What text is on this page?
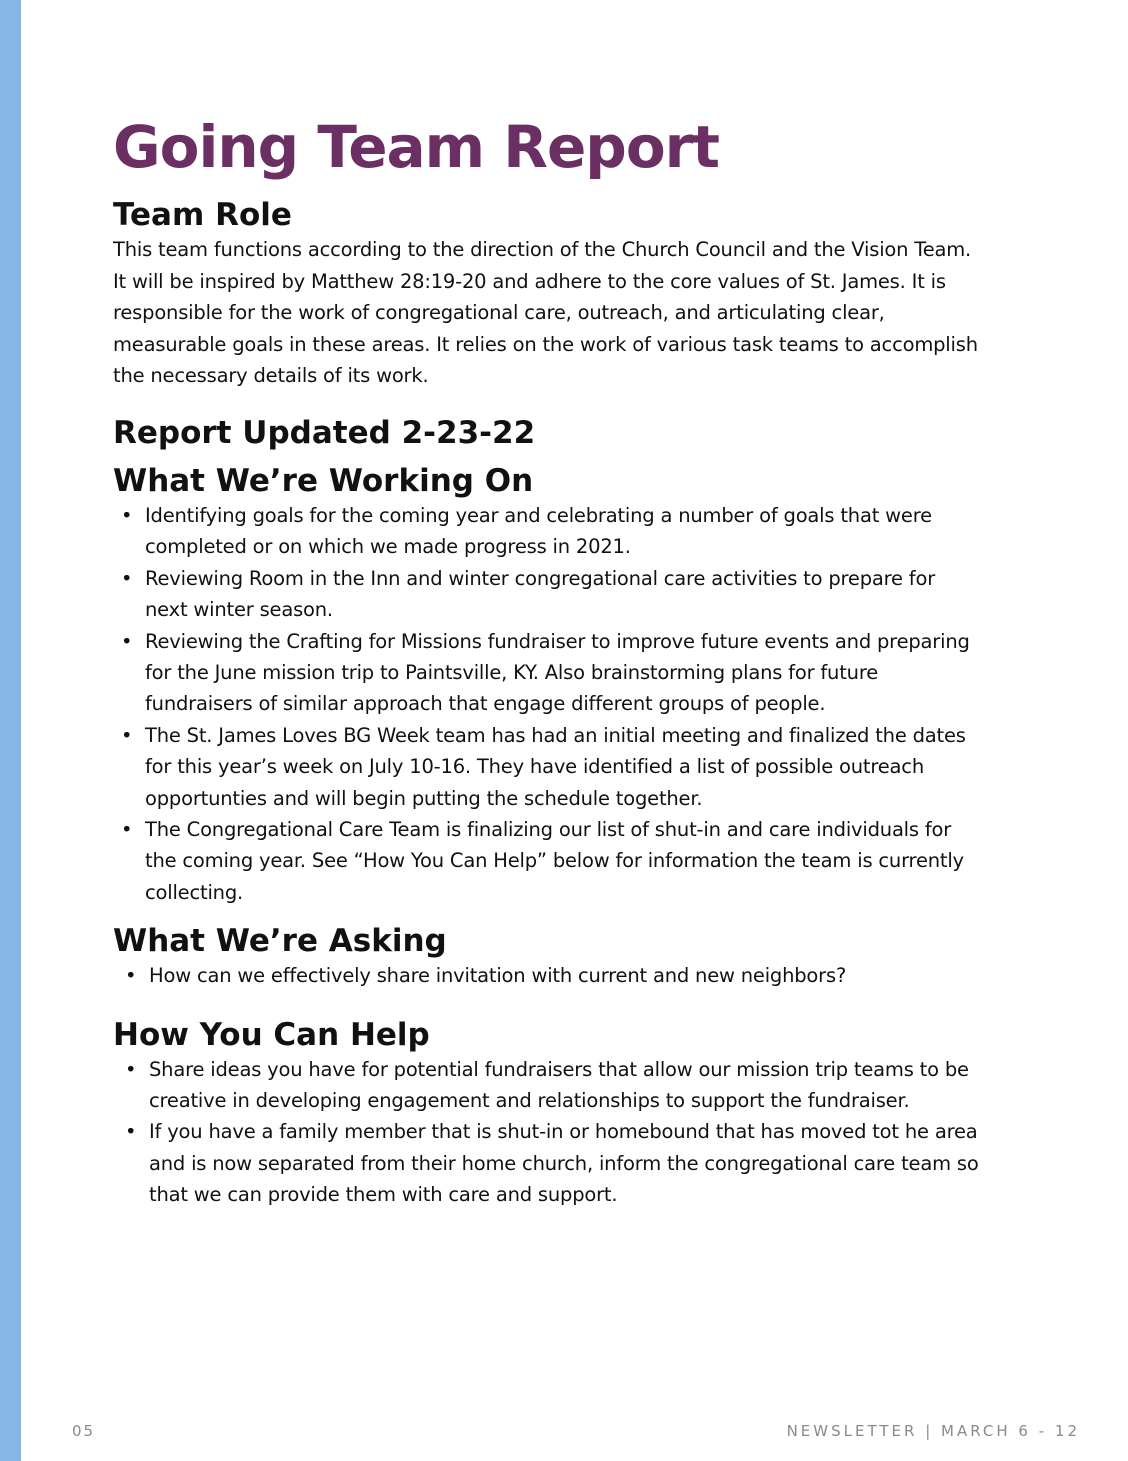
Going Team Report
Team Role

This team functions according to the direction of the Church Council and the Vision Team. It will be inspired by Matthew 28:19-20 and adhere to the core values of St. James. It is responsible for the work of congregational care, outreach, and articulating clear, measurable goals in these areas. It relies on the work of various task teams to accomplish the necessary details of its work.

Report Updated 2-23-22
What We’re Working On
• Identifying goals for the coming year and celebrating a number of goals that were completed or on which we made progress in 2021.
• Reviewing Room in the Inn and winter congregational care activities to prepare for next winter season.
• Reviewing the Crafting for Missions fundraiser to improve future events and preparing for the June mission trip to Paintsville, KY. Also brainstorming plans for future fundraisers of similar approach that engage different groups of people.
• The St. James Loves BG Week team has had an initial meeting and finalized the dates for this year’s week on July 10-16. They have identified a list of possible outreach opportunties and will begin putting the schedule together.
• The Congregational Care Team is finalizing our list of shut-in and care individuals for the coming year. See “How You Can Help” below for information the team is currently collecting.
What We’re Asking
• How can we effectively share invitation with current and new neighbors?
How You Can Help
• Share ideas you have for potential fundraisers that allow our mission trip teams to be creative in developing engagement and relationships to support the fundraiser.
• If you have a family member that is shut-in or homebound that has moved tot he area and is now separated from their home church, inform the congregational care team so that we can provide them with care and support.
05	NEWSLETTER | MARCH 6 - 12
